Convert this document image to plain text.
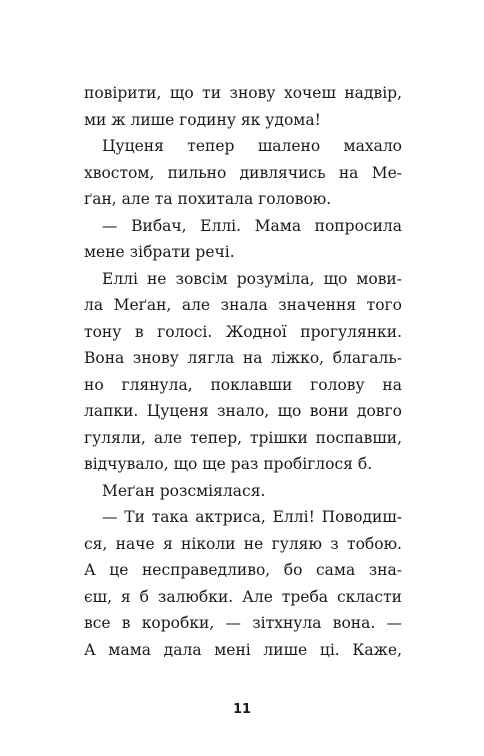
повірити, що ти знову хочеш надвір,
ми ж лише годину як удома!
Цуценя тепер шалено махало
хвостом, пильно дивлячись на Ме-
ґан, але та похитала головою.
— Вибач, Еллі. Мама попросила
мене зібрати речі.
Еллі не зовсім розуміла, що мови-
ла Меґан, але знала значення того
тону в голосі. Жодної прогулянки.
Вона знову лягла на ліжко, благаль-
но глянула, поклавши голову на
лапки. Цуценя знало, що вони довго
гуляли, але тепер, трішки поспавши,
відчувало, що ще раз пробіглося б.
Меґан розсміялася.
— Ти така актриса, Еллі! Поводиш-
ся, наче я ніколи не гуляю з тобою.
А це несправедливо, бо сама зна-
єш, я б залюбки. Але треба скласти
все в коробки, — зітхнула вона. —
А мама дала мені лише ці. Каже,
11
